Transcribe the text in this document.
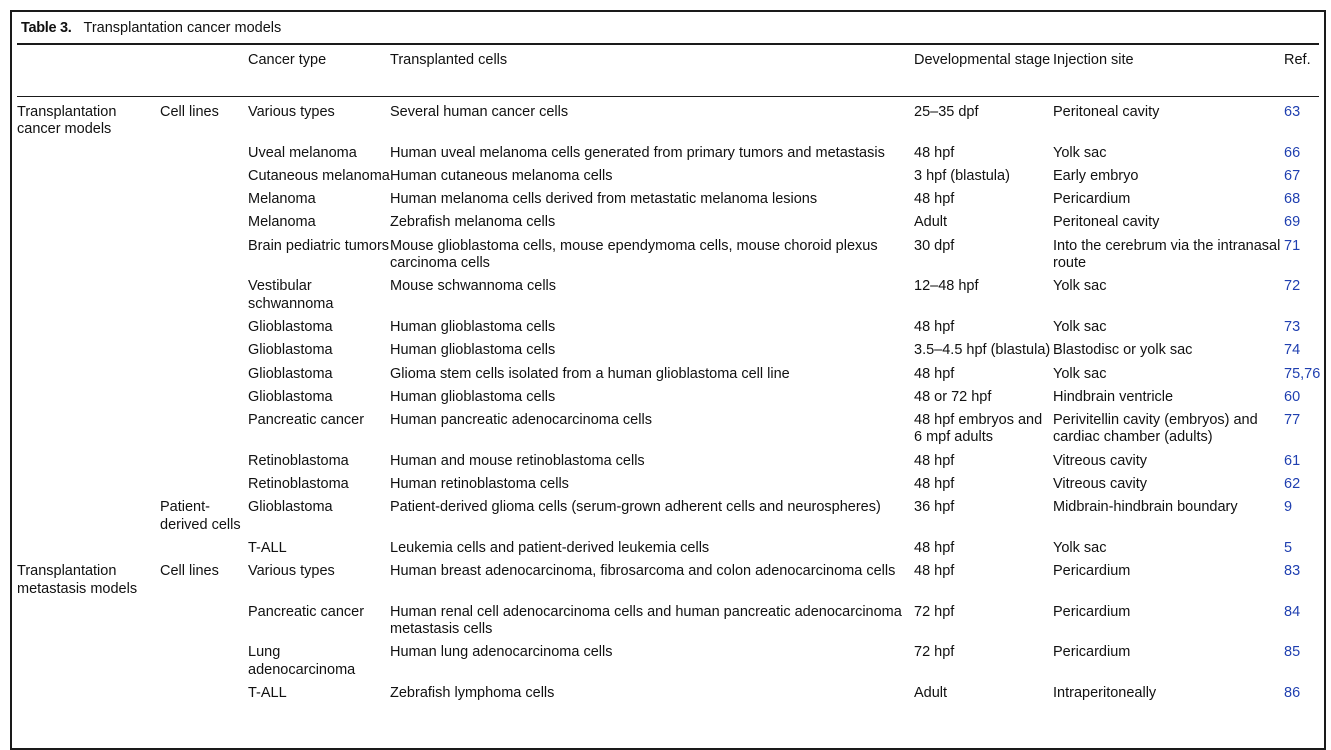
Table 3. Transplantation cancer models
		Cancer type	Transplanted cells	Developmental stage	Injection site	Ref.
Transplantation cancer models	Cell lines	Various types	Several human cancer cells	25–35 dpf	Peritoneal cavity	63
		Uveal melanoma	Human uveal melanoma cells generated from primary tumors and metastasis	48 hpf	Yolk sac	66
		Cutaneous melanoma	Human cutaneous melanoma cells	3 hpf (blastula)	Early embryo	67
		Melanoma	Human melanoma cells derived from metastatic melanoma lesions	48 hpf	Pericardium	68
		Melanoma	Zebrafish melanoma cells	Adult	Peritoneal cavity	69
		Brain pediatric tumors	Mouse glioblastoma cells, mouse ependymoma cells, mouse choroid plexus carcinoma cells	30 dpf	Into the cerebrum via the intranasal route	71
		Vestibular schwannoma	Mouse schwannoma cells	12–48 hpf	Yolk sac	72
		Glioblastoma	Human glioblastoma cells	48 hpf	Yolk sac	73
		Glioblastoma	Human glioblastoma cells	3.5–4.5 hpf (blastula)	Blastodisc or yolk sac	74
		Glioblastoma	Glioma stem cells isolated from a human glioblastoma cell line	48 hpf	Yolk sac	75,76
		Glioblastoma	Human glioblastoma cells	48 or 72 hpf	Hindbrain ventricle	60
		Pancreatic cancer	Human pancreatic adenocarcinoma cells	48 hpf embryos and 6 mpf adults	Perivitellin cavity (embryos) and cardiac chamber (adults)	77
		Retinoblastoma	Human and mouse retinoblastoma cells	48 hpf	Vitreous cavity	61
		Retinoblastoma	Human retinoblastoma cells	48 hpf	Vitreous cavity	62
	Patient-derived cells	Glioblastoma	Patient-derived glioma cells (serum-grown adherent cells and neurospheres)	36 hpf	Midbrain-hindbrain boundary	9
		T-ALL	Leukemia cells and patient-derived leukemia cells	48 hpf	Yolk sac	5
Transplantation metastasis models	Cell lines	Various types	Human breast adenocarcinoma, fibrosarcoma and colon adenocarcinoma cells	48 hpf	Pericardium	83
		Pancreatic cancer	Human renal cell adenocarcinoma cells and human pancreatic adenocarcinoma metastasis cells	72 hpf	Pericardium	84
		Lung adenocarcinoma	Human lung adenocarcinoma cells	72 hpf	Pericardium	85
		T-ALL	Zebrafish lymphoma cells	Adult	Intraperitoneally	86
